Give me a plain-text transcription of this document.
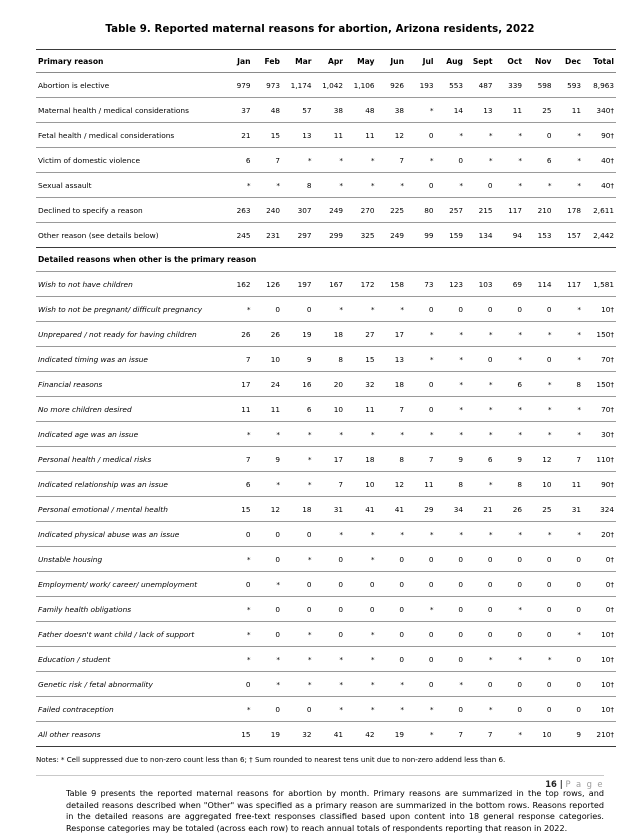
Table 9. Reported maternal reasons for abortion, Arizona residents, 2022
Primary reason	Jan	Feb	Mar	Apr	May	Jun	Jul	Aug	Sept	Oct	Nov	Dec	Total
Abortion is elective	979	973	1,174	1,042	1,106	926	193	553	487	339	598	593	8,963
Maternal health / medical considerations	37	48	57	38	48	38	*	14	13	11	25	11	340†
Fetal health / medical considerations	21	15	13	11	11	12	0	*	*	*	0	*	90†
Victim of domestic violence	6	7	*	*	*	7	*	0	*	*	6	*	40†
Sexual assault	*	*	8	*	*	*	0	*	0	*	*	*	40†
Declined to specify a reason	263	240	307	249	270	225	80	257	215	117	210	178	2,611
Other reason (see details below)	245	231	297	299	325	249	99	159	134	94	153	157	2,442
Detailed reasons when other is the primary reason													
Wish to not have children	162	126	197	167	172	158	73	123	103	69	114	117	1,581
Wish to not be pregnant/ difficult pregnancy	*	0	0	*	*	*	0	0	0	0	0	*	10†
Unprepared / not ready for having children	26	26	19	18	27	17	*	*	*	*	*	*	150†
Indicated timing was an issue	7	10	9	8	15	13	*	*	0	*	0	*	70†
Financial reasons	17	24	16	20	32	18	0	*	*	6	*	8	150†
No more children desired	11	11	6	10	11	7	0	*	*	*	*	*	70†
Indicated age was an issue	*	*	*	*	*	*	*	*	*	*	*	*	30†
Personal health / medical risks	7	9	*	17	18	8	7	9	6	9	12	7	110†
Indicated relationship was an issue	6	*	*	7	10	12	11	8	*	8	10	11	90†
Personal emotional / mental health	15	12	18	31	41	41	29	34	21	26	25	31	324
Indicated physical abuse was an issue	0	0	0	*	*	*	*	*	*	*	*	*	20†
Unstable housing	*	0	*	0	*	0	0	0	0	0	0	0	0†
Employment/ work/ career/ unemployment	0	*	0	0	0	0	0	0	0	0	0	0	0†
Family health obligations	*	0	0	0	0	0	*	0	0	*	0	0	0†
Father doesn't want child / lack of support	*	0	*	0	*	0	0	0	0	0	0	*	10†
Education / student	*	*	*	*	*	0	0	0	*	*	*	0	10†
Genetic risk / fetal abnormality	0	*	*	*	*	*	0	*	0	0	0	0	10†
Failed contraception	*	0	0	*	*	*	*	0	*	0	0	0	10†
All other reasons	15	19	32	41	42	19	*	7	7	*	10	9	210†
Notes: * Cell suppressed due to non-zero count less than 6; † Sum rounded to nearest tens unit due to non-zero addend less than 6.
Table 9 presents the reported maternal reasons for abortion by month. Primary reasons are summarized in the top rows, and detailed reasons described when "Other" was specified as a primary reason are summarized in the bottom rows. Reasons reported in the detailed reasons are aggregated free-text responses classified based upon content into 18 general response categories. Response categories may be totaled (across each row) to reach annual totals of respondents reporting that reason in 2022.
16 | P a g e
